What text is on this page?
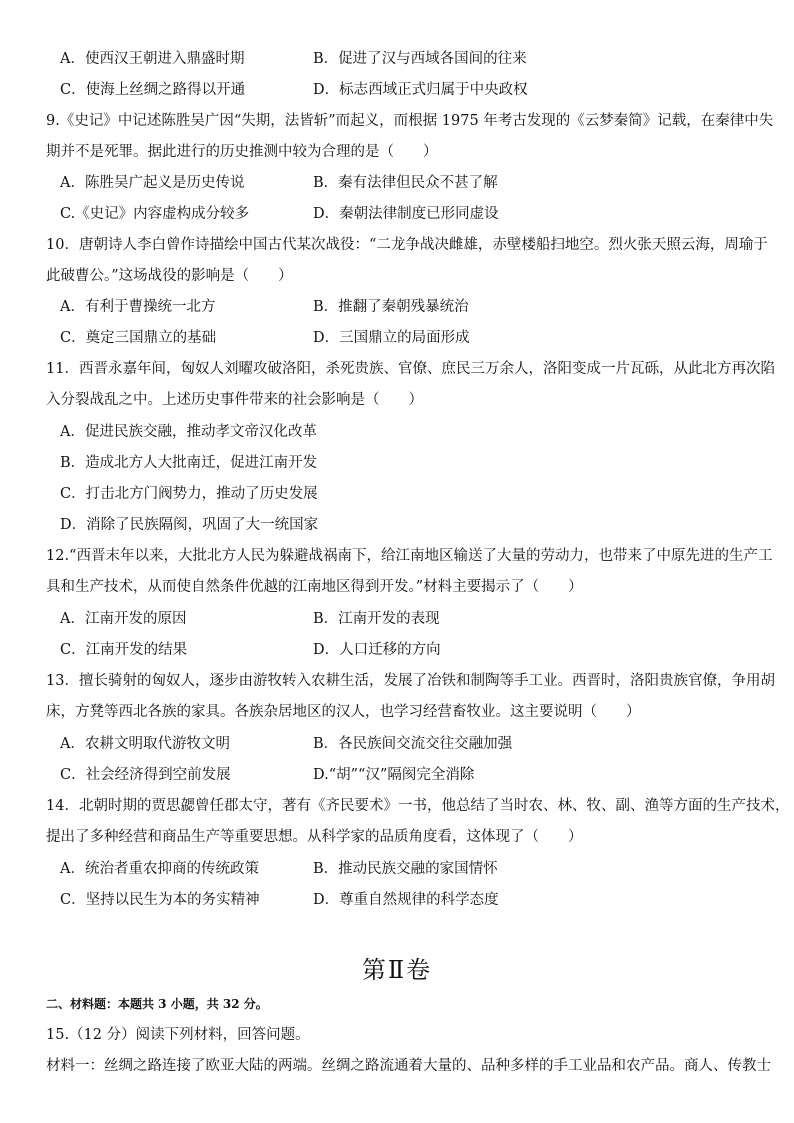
A．使西汉王朝进入鼎盛时期	B．促进了汉与西域各国间的往来
C．使海上丝绸之路得以开通	D．标志西域正式归属于中央政权
9.《史记》中记述陈胜吴广因“失期，法皆斩”而起义，而根据 1975 年考古发现的《云梦秦简》记载，在秦律中失
期并不是死罪。据此进行的历史推测中较为合理的是（　　）
A．陈胜吴广起义是历史传说	B．秦有法律但民众不甚了解
C.《史记》内容虚构成分较多	D．秦朝法律制度已形同虚设
10．唐朝诗人李白曾作诗描绘中国古代某次战役：“二龙争战决雌雄，赤壁楼船扫地空。烈火张天照云海，周瑜于
此破曹公。”这场战役的影响是（　　）
A．有利于曹操统一北方	B．推翻了秦朝残暴统治
C．奠定三国鼎立的基础	D．三国鼎立的局面形成
11．西晋永嘉年间，匈奴人刘曜攻破洛阳，杀死贵族、官僚、庶民三万余人，洛阳变成一片瓦砾，从此北方再次陷
入分裂战乱之中。上述历史事件带来的社会影响是（　　）
A．促进民族交融，推动孝文帝汉化改革
B．造成北方人大批南迁，促进江南开发
C．打击北方门阀势力，推动了历史发展
D．消除了民族隔阂，巩固了大一统国家
12.“西晋末年以来，大批北方人民为躲避战祸南下，给江南地区输送了大量的劳动力，也带来了中原先进的生产工
具和生产技术，从而使自然条件优越的江南地区得到开发。”材料主要揭示了（　　）
A．江南开发的原因	B．江南开发的表现
C．江南开发的结果	D．人口迁移的方向
13．擅长骑射的匈奴人，逐步由游牧转入农耕生活，发展了冶铁和制陶等手工业。西晋时，洛阳贵族官僚，争用胡
床，方凳等西北各族的家具。各族杂居地区的汉人，也学习经营畜牧业。这主要说明（　　）
A．农耕文明取代游牧文明	B．各民族间交流交往交融加强
C．社会经济得到空前发展	D.“胡”“汉”隔阂完全消除
14．北朝时期的贾思勰曾任郡太守，著有《齐民要术》一书，他总结了当时农、林、牧、副、渔等方面的生产技术，
提出了多种经营和商品生产等重要思想。从科学家的品质角度看，这体现了（　　）
A．统治者重农抑商的传统政策	B．推动民族交融的家国情怀
C．坚持以民生为本的务实精神	D．尊重自然规律的科学态度
第Ⅱ卷
二、材料题：本题共 3 小题，共 32 分。
15.（12 分）阅读下列材料，回答问题。
材料一：丝绸之路连接了欧亚大陆的两端。丝绸之路流通着大量的、品种多样的手工业品和农产品。商人、传教士
